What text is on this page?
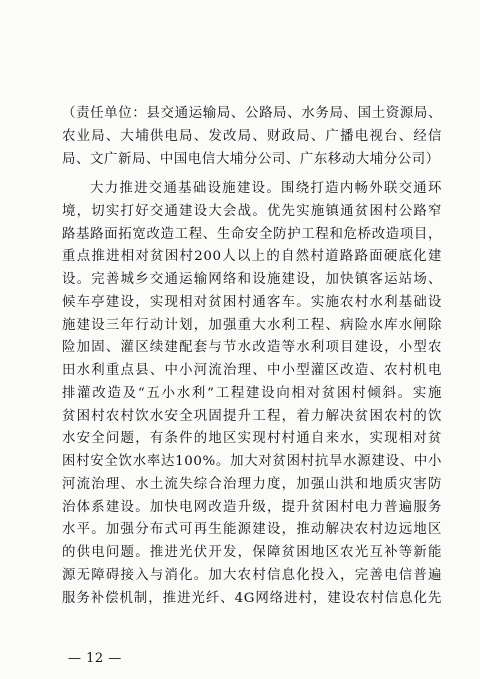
（责任单位：县交通运输局、公路局、水务局、国土资源局、
农业局、大埔供电局、发改局、财政局、广播电视台、经信
局、文广新局、中国电信大埔分公司、广东移动大埔分公司）
大力推进交通基础设施建设。围绕打造内畅外联交通环
境，切实打好交通建设大会战。优先实施镇通贫困村公路窄
路基路面拓宽改造工程、生命安全防护工程和危桥改造项目，
重点推进相对贫困村200人以上的自然村道路路面硬底化建
设。完善城乡交通运输网络和设施建设，加快镇客运站场、
候车亭建设，实现相对贫困村通客车。实施农村水利基础设
施建设三年行动计划，加强重大水利工程、病险水库水闸除
险加固、灌区续建配套与节水改造等水利项目建设，小型农
田水利重点县、中小河流治理、中小型灌区改造、农村机电
排灌改造及“五小水利”工程建设向相对贫困村倾斜。实施
贫困村农村饮水安全巩固提升工程，着力解决贫困农村的饮
水安全问题，有条件的地区实现村村通自来水，实现相对贫
困村安全饮水率达100%。加大对贫困村抗旱水源建设、中小
河流治理、水土流失综合治理力度，加强山洪和地质灾害防
治体系建设。加快电网改造升级，提升贫困村电力普遍服务
水平。加强分布式可再生能源建设，推动解决农村边远地区
的供电问题。推进光伏开发，保障贫困地区农光互补等新能
源无障碍接入与消化。加大农村信息化投入，完善电信普遍
服务补偿机制，推进光纤、4G网络进村，建设农村信息化先
— 12 —
